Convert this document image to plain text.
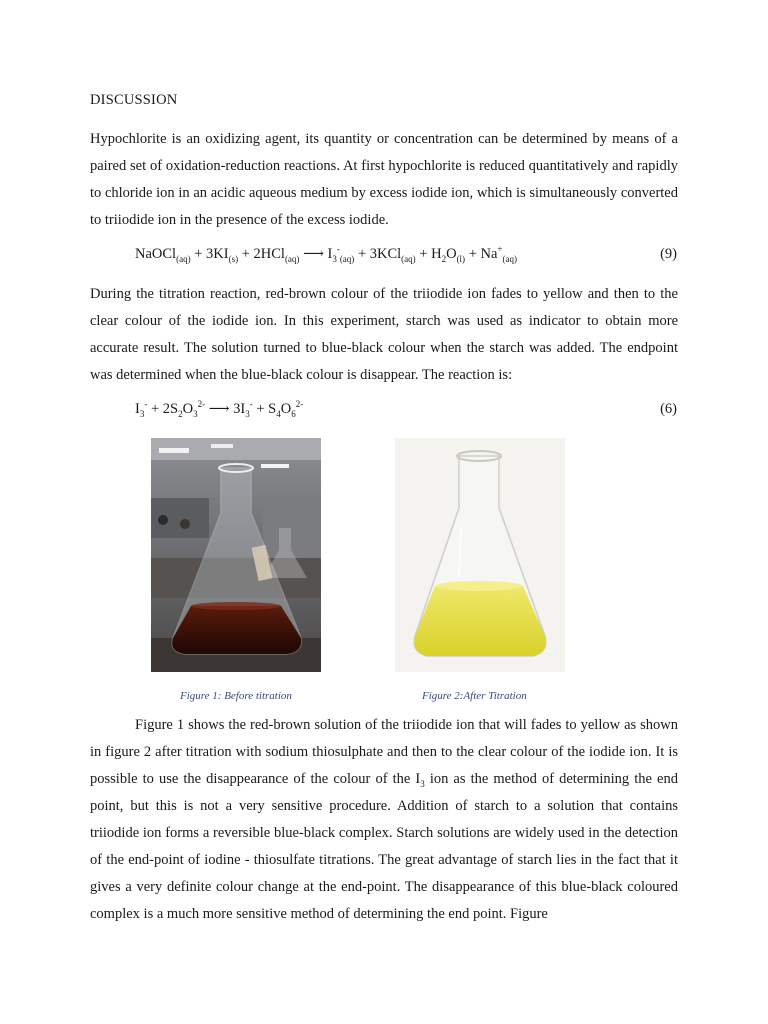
DISCUSSION

Hypochlorite is an oxidizing agent, its quantity or concentration can be determined by means of a paired set of oxidation-reduction reactions. At first hypochlorite is reduced quantitatively and rapidly to chloride ion in an acidic aqueous medium by excess iodide ion, which is simultaneously converted to triiodide ion in the presence of the excess iodide.

NaOCl$_{(aq)}$ + $3KI_{(s)} + 2HCl_{(aq)}$ ⟶ $I_3^-_{(aq)} + 3KCl_{(aq)} + H_2O_{(l)} + Na^+_{(aq)}$	(9)

During the titration reaction, red-brown colour of the triiodide ion fades to yellow and then to the clear colour of the iodide ion. In this experiment, starch was used as indicator to obtain more accurate result. The solution turned to blue-black colour when the starch was added. The endpoint was determined when the blue-black colour is disappear. The reaction is:

$I_3^- + 2S_2O_3^{2-}$ ⟶ $3I_3^- + S_4O_6^{2-}$	(6)
Figure 1: Before titration	Figure 2:After Titration

Figure 1 shows the red-brown solution of the triiodide ion that will fades to yellow as shown in figure 2 after titration with sodium thiosulphate and then to the clear colour of the iodide ion. It is possible to use the disappearance of the colour of the $I_3$ ion as the method of determining the end point, but this is not a very sensitive procedure. Addition of starch to a solution that contains triiodide ion forms a reversible blue-black complex. Starch solutions are widely used in the detection of the end-point of iodine - thiosulfate titrations. The great advantage of starch lies in the fact that it gives a very definite colour change at the end-point. The disappearance of this blue-black coloured complex is a much more sensitive method of determining the end point. Figure
